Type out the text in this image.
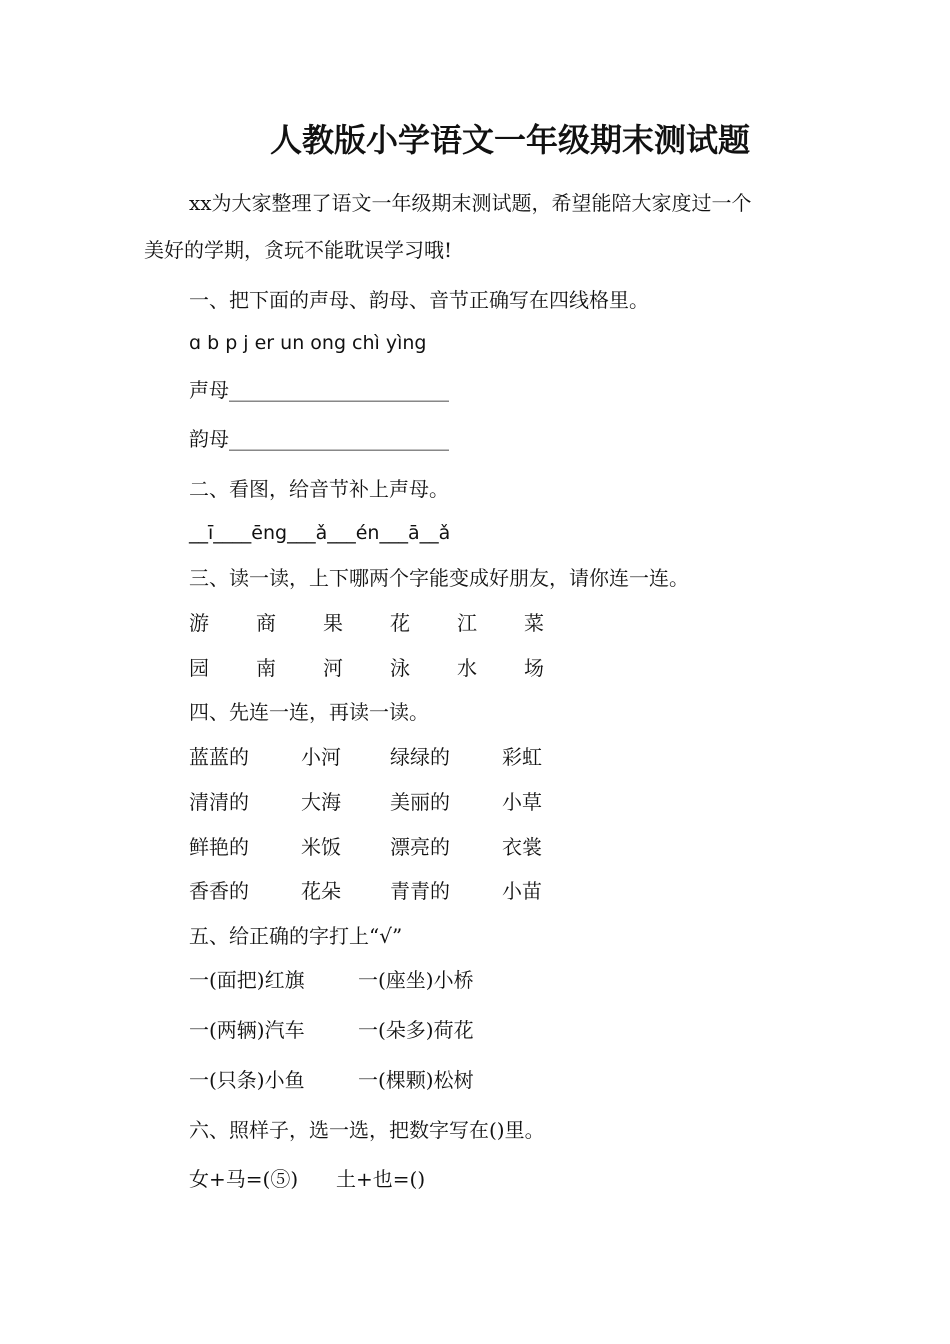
人教版小学语文一年级期末测试题
xx为大家整理了语文一年级期末测试题，希望能陪大家度过一个
美好的学期，贪玩不能耽误学习哦!
一、把下面的声母、韵母、音节正确写在四线格里。
ɑ b p j er un ong chì yìng
声母______________________
韵母______________________
二、看图，给音节补上声母。
__ī____ēng___ǎ___én___ā__ǎ
三、读一读，上下哪两个字能变成好朋友，请你连一连。
游 商 果 花 江 菜
园 南 河 泳 水 场
四、先连一连，再读一读。
蓝蓝的	小河 绿绿的	彩虹
清清的	大海 美丽的	小草
鲜艳的	米饭 漂亮的	衣裳
香香的	花朵 青青的	小苗
五、给正确的字打上“√”
一(面把)红旗	一(座坐)小桥
一(两辆)汽车	一(朵多)荷花
一(只条)小鱼	一(棵颗)松树
六、照样子，选一选，把数字写在()里。
女+马=(⑤) 土+也=()
